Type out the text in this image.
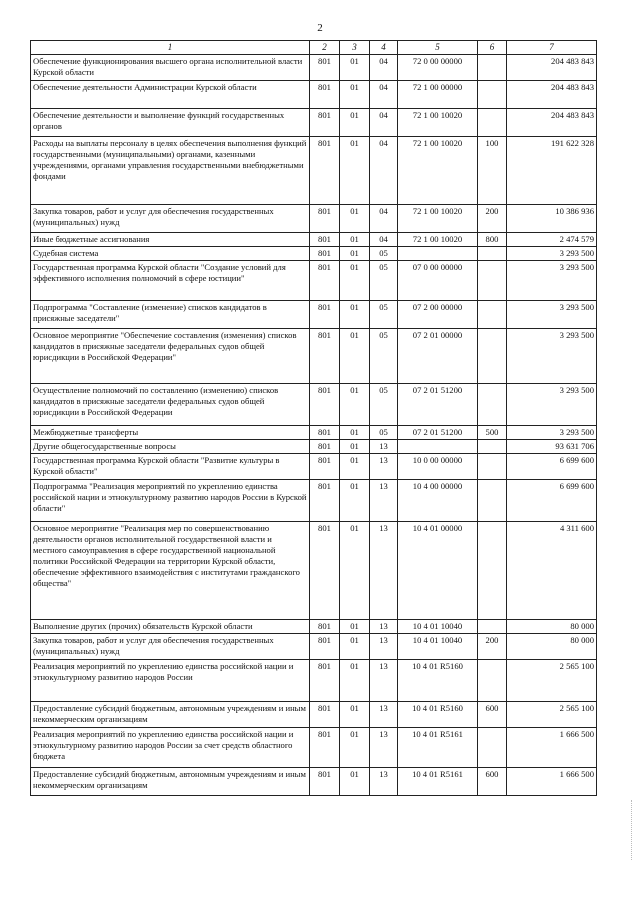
2
1	2	3	4	5	6	7
Обеспечение функционирования высшего органа исполнительной власти Курской области	801	01	04	72 0 00 00000		204 483 843
Обеспечение деятельности Администрации Курской области	801	01	04	72 1 00 00000		204 483 843
Обеспечение деятельности и выполнение функций государственных органов	801	01	04	72 1 00 10020		204 483 843
Расходы на выплаты персоналу в целях обеспечения выполнения функций государственными (муниципальными) органами, казенными учреждениями, органами управления государственными внебюджетными фондами	801	01	04	72 1 00 10020	100	191 622 328
Закупка товаров, работ и услуг для обеспечения государственных (муниципальных) нужд	801	01	04	72 1 00 10020	200	10 386 936
Иные бюджетные ассигнования	801	01	04	72 1 00 10020	800	2 474 579
Судебная система	801	01	05			3 293 500
Государственная программа Курской области "Создание условий для эффективного исполнения полномочий в сфере юстиции"	801	01	05	07 0 00 00000		3 293 500
Подпрограмма "Составление (изменение) списков кандидатов в присяжные заседатели"	801	01	05	07 2 00 00000		3 293 500
Основное мероприятие "Обеспечение составления (изменения) списков кандидатов в присяжные заседатели федеральных судов общей юрисдикции в Российской Федерации"	801	01	05	07 2 01 00000		3 293 500
Осуществление полномочий по составлению (изменению) списков кандидатов в присяжные заседатели федеральных судов общей юрисдикции в Российской Федерации	801	01	05	07 2 01 51200		3 293 500
Межбюджетные трансферты	801	01	05	07 2 01 51200	500	3 293 500
Другие общегосударственные вопросы	801	01	13			93 631 706
Государственная программа Курской области "Развитие культуры в Курской области"	801	01	13	10 0 00 00000		6 699 600
Подпрограмма "Реализация мероприятий по укреплению единства российской нации и этнокультурному развитию народов России в Курской области"	801	01	13	10 4 00 00000		6 699 600
Основное мероприятие "Реализация мер по совершенствованию деятельности органов исполнительной государственной власти и местного самоуправления в сфере государственной национальной политики Российской Федерации на территории Курской области, обеспечение эффективного взаимодействия с институтами гражданского общества"	801	01	13	10 4 01 00000		4 311 600
Выполнение других (прочих) обязательств Курской области	801	01	13	10 4 01 10040		80 000
Закупка товаров, работ и услуг для обеспечения государственных (муниципальных) нужд	801	01	13	10 4 01 10040	200	80 000
Реализация мероприятий по укреплению единства российской нации и этнокультурному развитию народов России	801	01	13	10 4 01 R5160		2 565 100
Предоставление субсидий бюджетным, автономным учреждениям и иным некоммерческим организациям	801	01	13	10 4 01 R5160	600	2 565 100
Реализация мероприятий по укреплению единства российской нации и этнокультурному развитию народов России за счет средств областного бюджета	801	01	13	10 4 01 R5161		1 666 500
Предоставление субсидий бюджетным, автономным учреждениям и иным некоммерческим организациям	801	01	13	10 4 01 R5161	600	1 666 500
